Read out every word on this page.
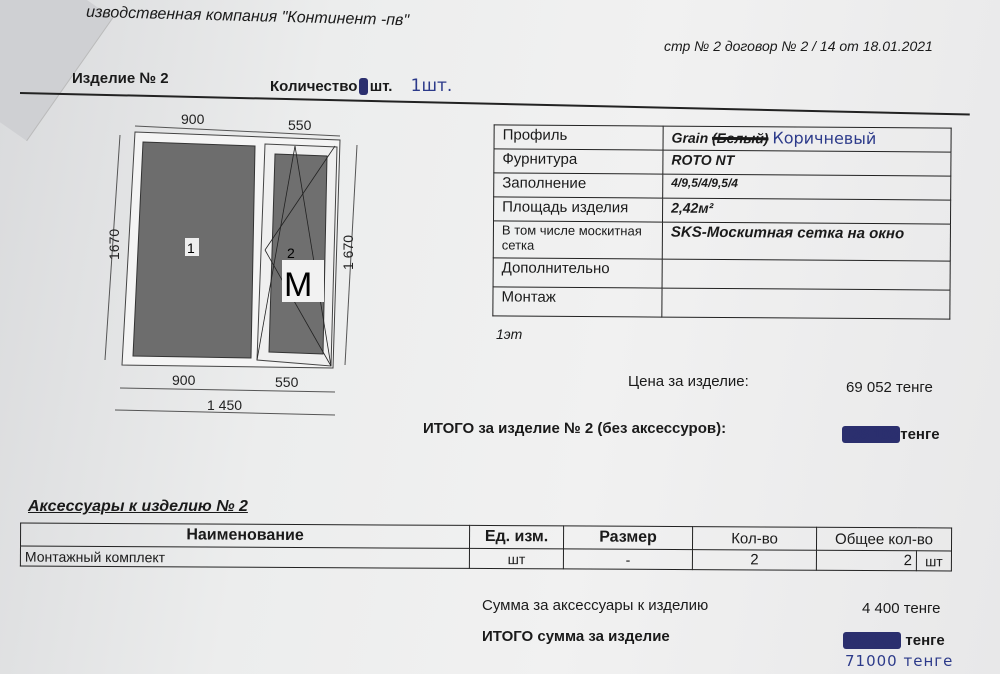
изводственная компания "Континент -пв"
стр № 2 договор № 2 / 14 от 18.01.2021
Изделие № 2	Количество 2 шт. 1шт.
1	2
M
900	550
900	550
1 450
1670	1 670
Профиль	Grain (Белый) Коричневый
Фурнитура	ROTO NT
Заполнение	4/9,5/4/9,5/4
Площадь изделия	2,42м²
В том числе москитная сетка	SKS-Москитная сетка на окно
Дополнительно	
Монтаж	
1эт
Цена за изделие:	69 052 тенге
ИТОГО за изделие № 2 (без аксессуров):	138 103 тенге
Аксессуары к изделию № 2
Наименование	Ед. изм.	Размер	Кол-во	Общее кол-во	
Монтажный комплект	шт	-	2	2	шт
Сумма за аксессуары к изделию	4 400 тенге
ИТОГО сумма за изделие	142 503 тенге
71000 тенге
